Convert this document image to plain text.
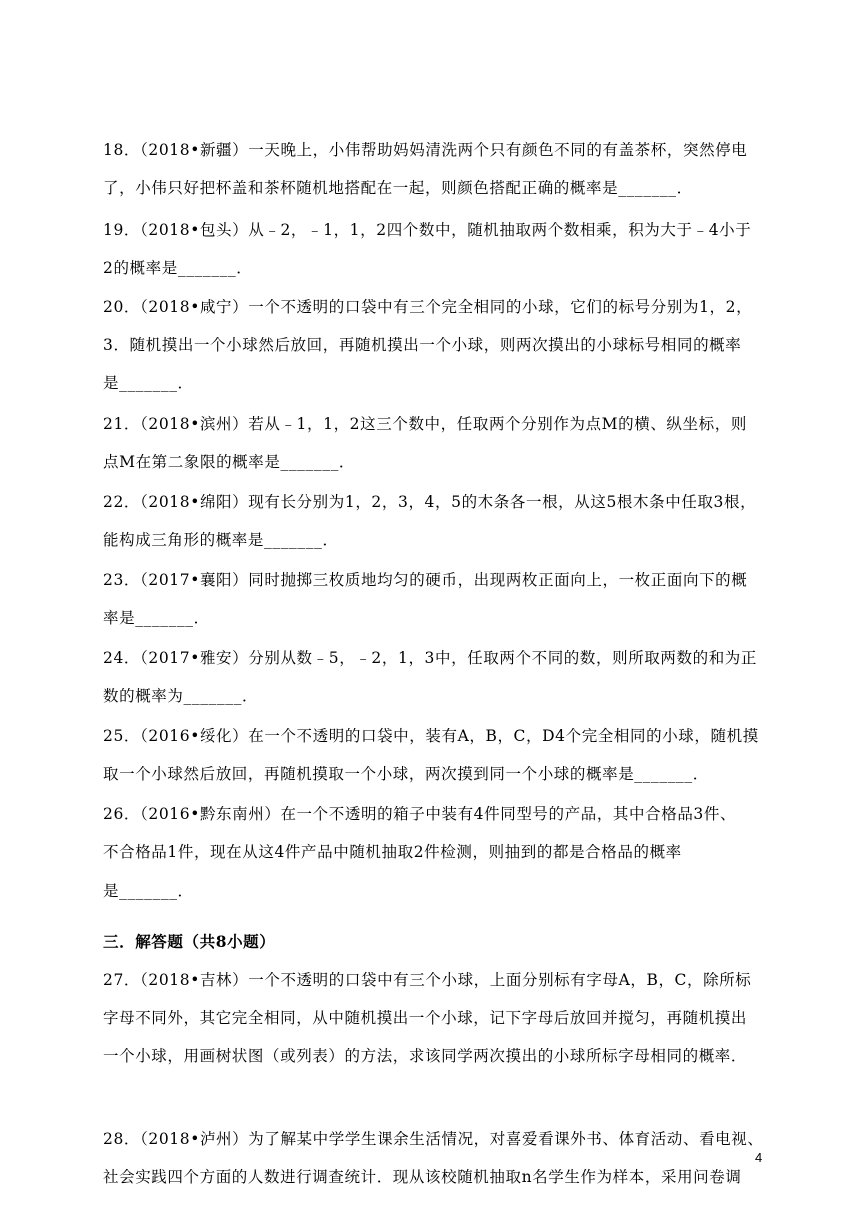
18．（2018•新疆）一天晚上，小伟帮助妈妈清洗两个只有颜色不同的有盖茶杯，突然停电
了，小伟只好把杯盖和茶杯随机地搭配在一起，则颜色搭配正确的概率是_______．
19．（2018•包头）从﹣2，﹣1，1，2四个数中，随机抽取两个数相乘，积为大于﹣4小于
2的概率是_______．
20．（2018•咸宁）一个不透明的口袋中有三个完全相同的小球，它们的标号分别为1，2，
3．随机摸出一个小球然后放回，再随机摸出一个小球，则两次摸出的小球标号相同的概率
是_______．
21．（2018•滨州）若从﹣1，1，2这三个数中，任取两个分别作为点M的横、纵坐标，则
点M在第二象限的概率是_______．
22．（2018•绵阳）现有长分别为1，2，3，4，5的木条各一根，从这5根木条中任取3根，
能构成三角形的概率是_______．
23．（2017•襄阳）同时抛掷三枚质地均匀的硬币，出现两枚正面向上，一枚正面向下的概
率是_______．
24．（2017•雅安）分别从数﹣5，﹣2，1，3中，任取两个不同的数，则所取两数的和为正
数的概率为_______．
25．（2016•绥化）在一个不透明的口袋中，装有A，B，C，D4个完全相同的小球，随机摸
取一个小球然后放回，再随机摸取一个小球，两次摸到同一个小球的概率是_______．
26．（2016•黔东南州）在一个不透明的箱子中装有4件同型号的产品，其中合格品3件、
不合格品1件，现在从这4件产品中随机抽取2件检测，则抽到的都是合格品的概率
是_______．
三．解答题（共8小题）
27．（2018•吉林）一个不透明的口袋中有三个小球，上面分别标有字母A，B，C，除所标
字母不同外，其它完全相同，从中随机摸出一个小球，记下字母后放回并搅匀，再随机摸出
一个小球，用画树状图（或列表）的方法，求该同学两次摸出的小球所标字母相同的概率．
28．（2018•泸州）为了解某中学学生课余生活情况，对喜爱看课外书、体育活动、看电视、
社会实践四个方面的人数进行调查统计．现从该校随机抽取n名学生作为样本，采用问卷调
4
